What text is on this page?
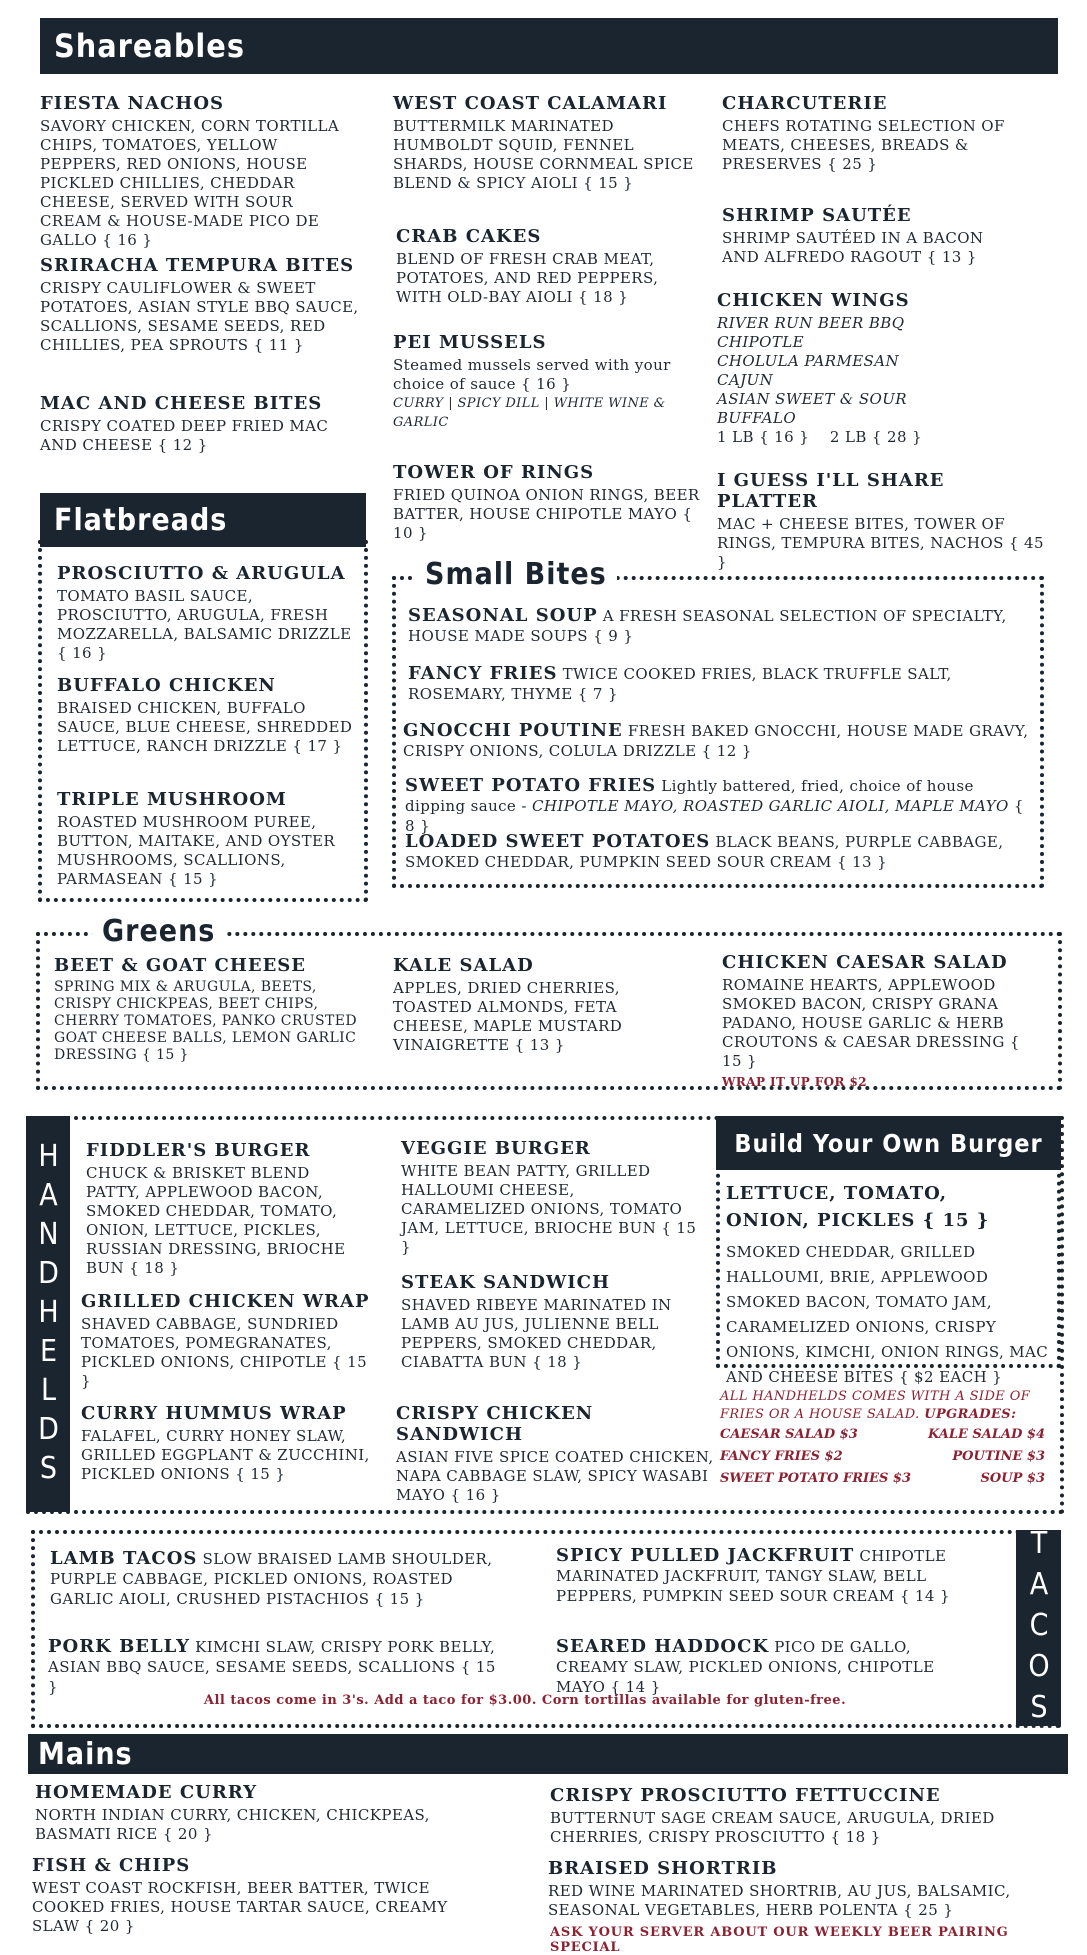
Shareables
FIESTA NACHOS
SAVORY CHICKEN, CORN TORTILLA CHIPS, TOMATOES, YELLOW PEPPERS, RED ONIONS, HOUSE PICKLED CHILLIES, CHEDDAR CHEESE, SERVED WITH SOUR CREAM & HOUSE-MADE PICO DE GALLO { 16 }
SRIRACHA TEMPURA BITES
CRISPY CAULIFLOWER & SWEET POTATOES, ASIAN STYLE BBQ SAUCE, SCALLIONS, SESAME SEEDS, RED CHILLIES, PEA SPROUTS { 11 }
MAC AND CHEESE BITES
CRISPY COATED DEEP FRIED MAC AND CHEESE { 12 }
WEST COAST CALAMARI
BUTTERMILK MARINATED HUMBOLDT SQUID, FENNEL SHARDS, HOUSE CORNMEAL SPICE BLEND & SPICY AIOLI { 15 }
CRAB CAKES
BLEND OF FRESH CRAB MEAT, POTATOES, AND RED PEPPERS, WITH OLD-BAY AIOLI { 18 }
PEI MUSSELS
Steamed mussels served with your choice of sauce { 16 }
CURRY | SPICY DILL | WHITE WINE & GARLIC
TOWER OF RINGS
FRIED QUINOA ONION RINGS, BEER BATTER, HOUSE CHIPOTLE MAYO { 10 }
CHARCUTERIE
CHEFS ROTATING SELECTION OF MEATS, CHEESES, BREADS & PRESERVES { 25 }
SHRIMP SAUTÉE
SHRIMP SAUTÉED IN A BACON AND ALFREDO RAGOUT { 13 }
CHICKEN WINGS
RIVER RUN BEER BBQ
CHIPOTLE
CHOLULA PARMESAN
CAJUN
ASIAN SWEET & SOUR
BUFFALO
1 LB { 16 }    2 LB { 28 }
I GUESS I'LL SHARE PLATTER
MAC + CHEESE BITES, TOWER OF RINGS, TEMPURA BITES, NACHOS { 45 }
Flatbreads
PROSCIUTTO & ARUGULA
TOMATO BASIL SAUCE, PROSCIUTTO, ARUGULA, FRESH MOZZARELLA, BALSAMIC DRIZZLE { 16 }
BUFFALO CHICKEN
BRAISED CHICKEN, BUFFALO SAUCE, BLUE CHEESE, SHREDDED LETTUCE, RANCH DRIZZLE { 17 }
TRIPLE MUSHROOM
ROASTED MUSHROOM PUREE, BUTTON, MAITAKE, AND OYSTER MUSHROOMS, SCALLIONS, PARMASEAN { 15 }
Small Bites
SEASONAL SOUP A FRESH SEASONAL SELECTION OF SPECIALTY, HOUSE MADE SOUPS { 9 }
FANCY FRIES TWICE COOKED FRIES, BLACK TRUFFLE SALT, ROSEMARY, THYME { 7 }
GNOCCHI POUTINE FRESH BAKED GNOCCHI, HOUSE MADE GRAVY, CRISPY ONIONS, COLULA DRIZZLE { 12 }
SWEET POTATO FRIES Lightly battered, fried, choice of house dipping sauce - CHIPOTLE MAYO, ROASTED GARLIC AIOLI, MAPLE MAYO { 8 }
LOADED SWEET POTATOES BLACK BEANS, PURPLE CABBAGE, SMOKED CHEDDAR, PUMPKIN SEED SOUR CREAM { 13 }
Greens
BEET & GOAT CHEESE
SPRING MIX & ARUGULA, BEETS, CRISPY CHICKPEAS, BEET CHIPS, CHERRY TOMATOES, PANKO CRUSTED GOAT CHEESE BALLS, LEMON GARLIC DRESSING { 15 }
KALE SALAD
APPLES, DRIED CHERRIES, TOASTED ALMONDS, FETA CHEESE, MAPLE MUSTARD VINAIGRETTE { 13 }
CHICKEN CAESAR SALAD
ROMAINE HEARTS, APPLEWOOD SMOKED BACON, CRISPY GRANA PADANO, HOUSE GARLIC & HERB CROUTONS & CAESAR DRESSING { 15 }
WRAP IT UP FOR $2
HANDHELDS FIDDLER'S BURGER
CHUCK & BRISKET BLEND PATTY, APPLEWOOD BACON, SMOKED CHEDDAR, TOMATO, ONION, LETTUCE, PICKLES, RUSSIAN DRESSING, BRIOCHE BUN { 18 }
GRILLED CHICKEN WRAP
SHAVED CABBAGE, SUNDRIED TOMATOES, POMEGRANATES, PICKLED ONIONS, CHIPOTLE { 15 }
CURRY HUMMUS WRAP
FALAFEL, CURRY HONEY SLAW, GRILLED EGGPLANT & ZUCCHINI, PICKLED ONIONS { 15 }
VEGGIE BURGER
WHITE BEAN PATTY, GRILLED HALLOUMI CHEESE, CARAMELIZED ONIONS, TOMATO JAM, LETTUCE, BRIOCHE BUN { 15 }
STEAK SANDWICH
SHAVED RIBEYE MARINATED IN LAMB AU JUS, JULIENNE BELL PEPPERS, SMOKED CHEDDAR, CIABATTA BUN { 18 }
CRISPY CHICKEN SANDWICH
ASIAN FIVE SPICE COATED CHICKEN, NAPA CABBAGE SLAW, SPICY WASABI MAYO { 16 }
Build Your Own Burger
LETTUCE, TOMATO, ONION, PICKLES { 15 }
SMOKED CHEDDAR, GRILLED HALLOUMI, BRIE, APPLEWOOD SMOKED BACON, TOMATO JAM, CARAMELIZED ONIONS, CRISPY ONIONS, KIMCHI, ONION RINGS, MAC AND CHEESE BITES { $2 EACH }
ALL HANDHELDS COMES WITH A SIDE OF FRIES OR A HOUSE SALAD. UPGRADES:
CAESAR SALAD $3	KALE SALAD $4
FANCY FRIES $2	POUTINE $3
SWEET POTATO FRIES $3	SOUP $3
TACOS
LAMB TACOS SLOW BRAISED LAMB SHOULDER, PURPLE CABBAGE, PICKLED ONIONS, ROASTED GARLIC AIOLI, CRUSHED PISTACHIOS { 15 }
PORK BELLY KIMCHI SLAW, CRISPY PORK BELLY, ASIAN BBQ SAUCE, SESAME SEEDS, SCALLIONS { 15 }
SPICY PULLED JACKFRUIT CHIPOTLE MARINATED JACKFRUIT, TANGY SLAW, BELL PEPPERS, PUMPKIN SEED SOUR CREAM { 14 }
SEARED HADDOCK PICO DE GALLO, CREAMY SLAW, PICKLED ONIONS, CHIPOTLE MAYO { 14 }
All tacos come in 3's. Add a taco for $3.00. Corn tortillas available for gluten-free.
Mains
HOMEMADE CURRY
NORTH INDIAN CURRY, CHICKEN, CHICKPEAS, BASMATI RICE { 20 }
FISH & CHIPS
WEST COAST ROCKFISH, BEER BATTER, TWICE COOKED FRIES, HOUSE TARTAR SAUCE, CREAMY SLAW { 20 }
CRISPY PROSCIUTTO FETTUCCINE
BUTTERNUT SAGE CREAM SAUCE, ARUGULA, DRIED CHERRIES, CRISPY PROSCIUTTO { 18 }
BRAISED SHORTRIB
RED WINE MARINATED SHORTRIB, AU JUS, BALSAMIC, SEASONAL VEGETABLES, HERB POLENTA { 25 }
ASK YOUR SERVER ABOUT OUR WEEKLY BEER PAIRING SPECIAL
